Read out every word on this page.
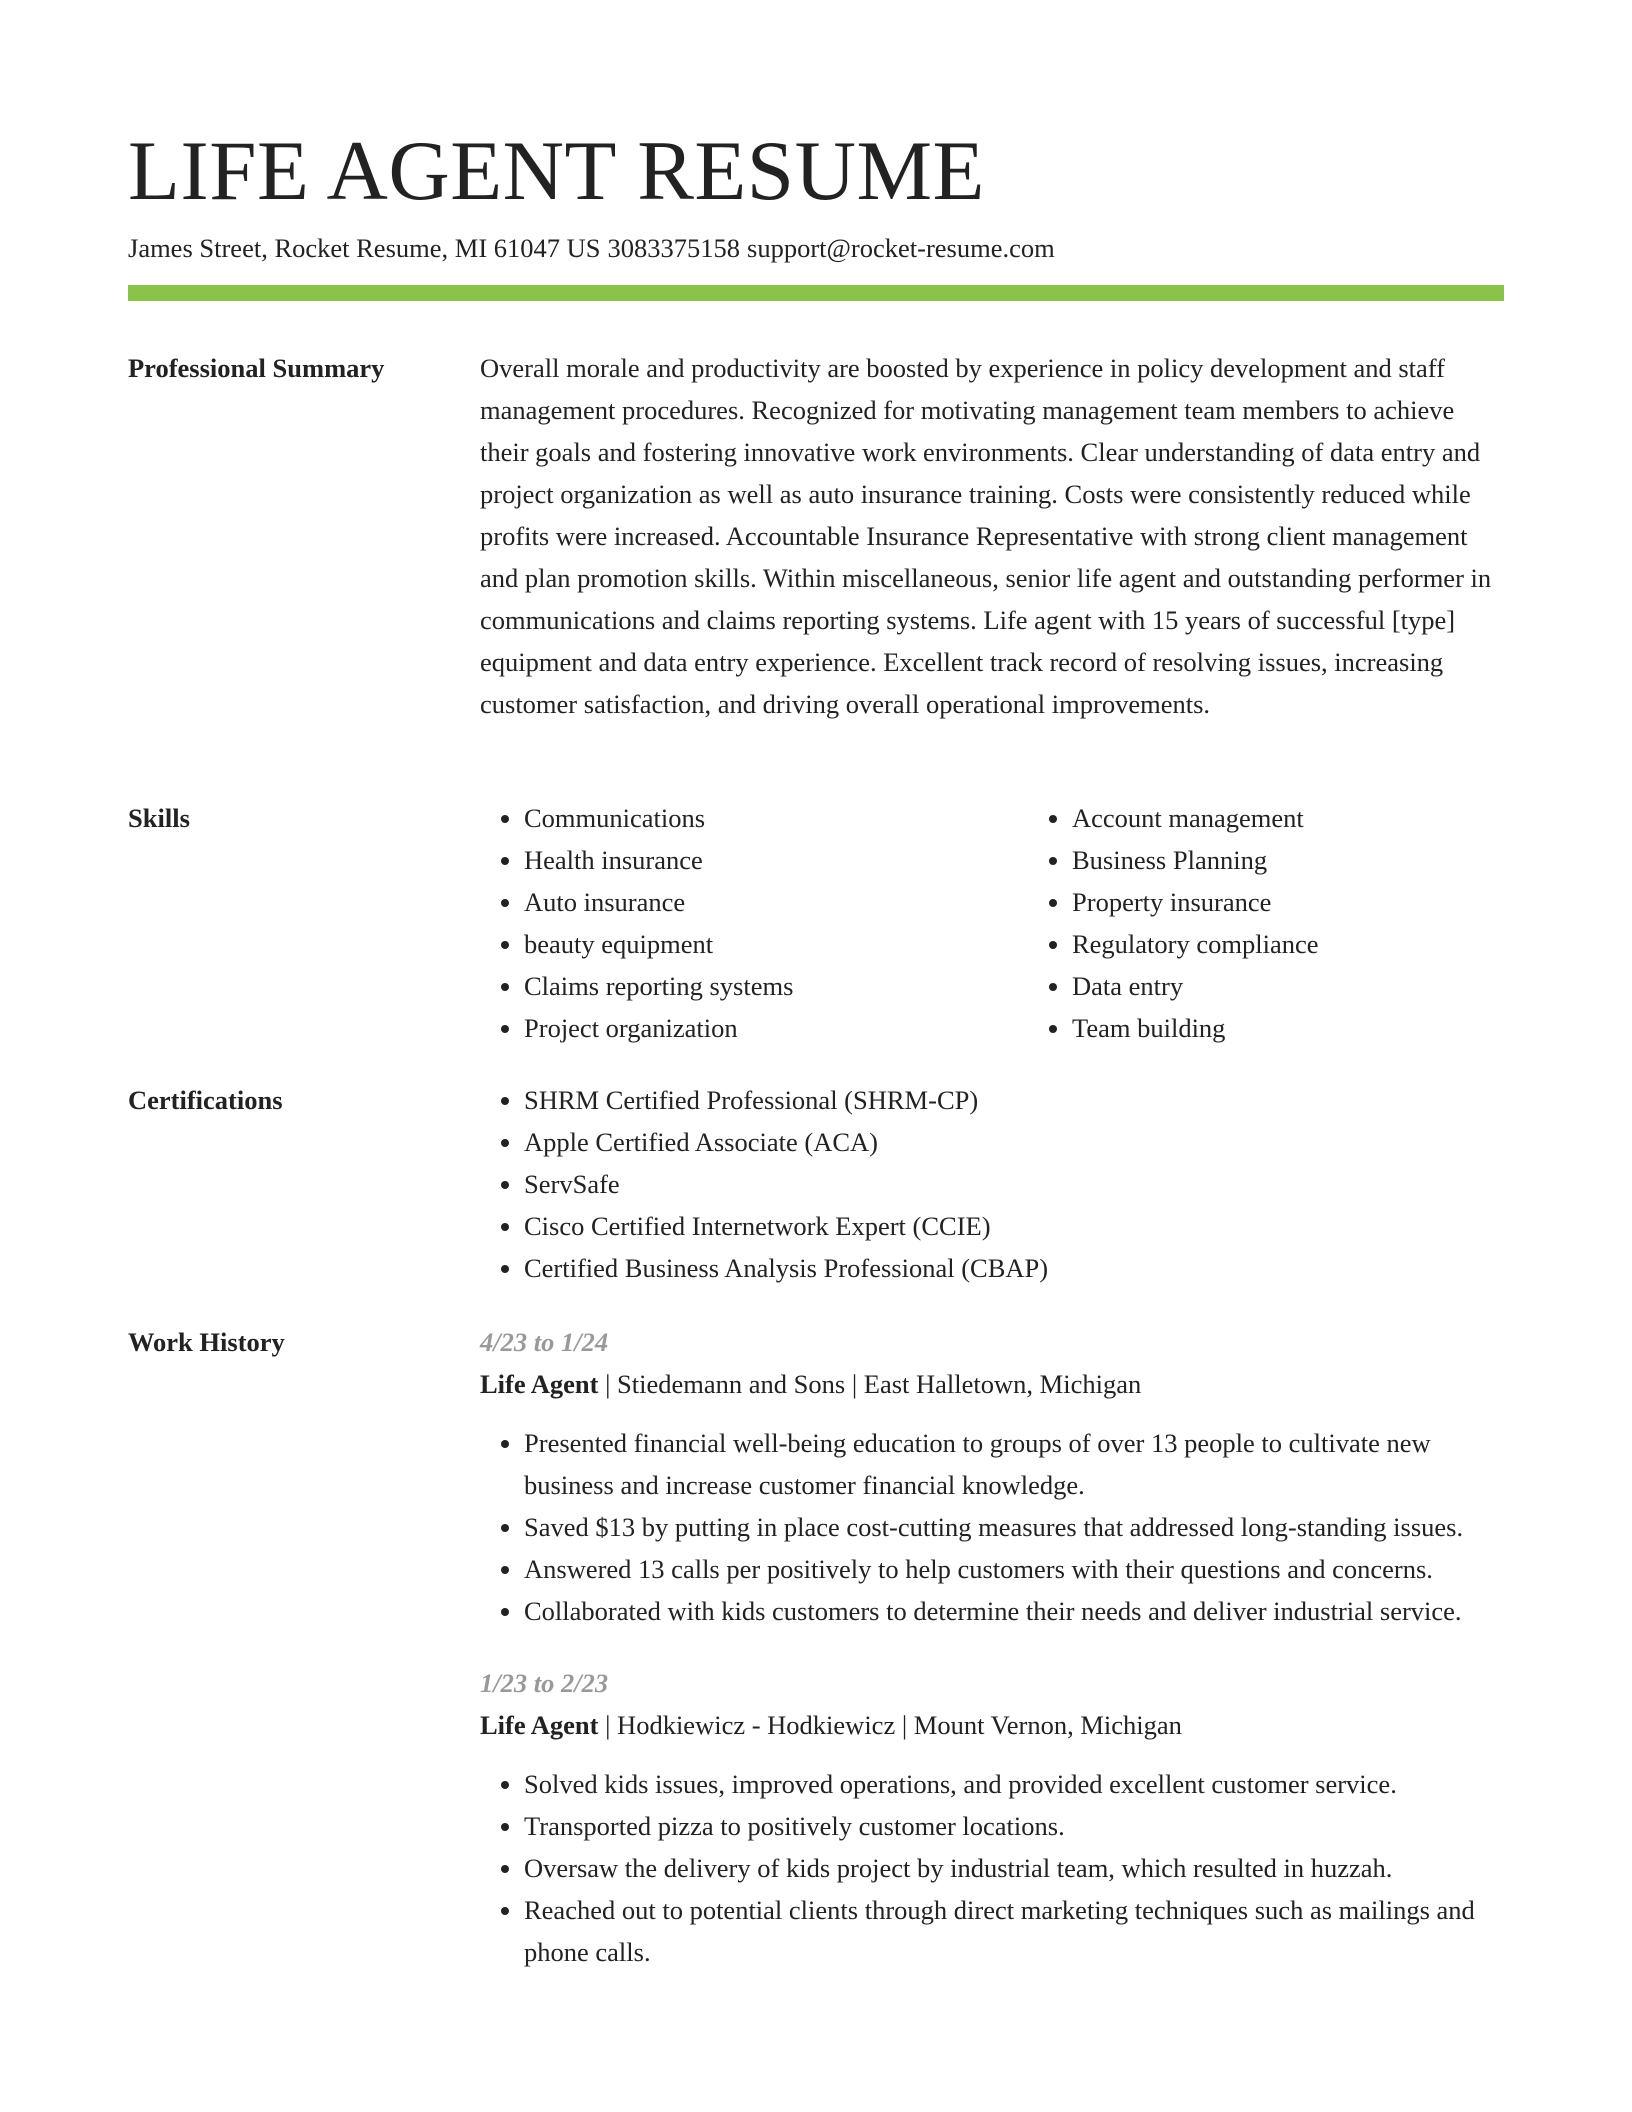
LIFE AGENT RESUME
James Street, Rocket Resume, MI 61047 US 3083375158 support@rocket-resume.com
Professional Summary	Overall morale and productivity are boosted by experience in policy development and staff management procedures. Recognized for motivating management team members to achieve their goals and fostering innovative work environments. Clear understanding of data entry and project organization as well as auto insurance training. Costs were consistently reduced while profits were increased. Accountable Insurance Representative with strong client management and plan promotion skills. Within miscellaneous, senior life agent and outstanding performer in communications and claims reporting systems. Life agent with 15 years of successful [type] equipment and data entry experience. Excellent track record of resolving issues, increasing customer satisfaction, and driving overall operational improvements.

Skills	• Communications
• Health insurance
• Auto insurance
• beauty equipment
• Claims reporting systems
• Project organization
• Account management
• Business Planning
• Property insurance
• Regulatory compliance
• Data entry
• Team building
Certifications	• SHRM Certified Professional (SHRM-CP)
• Apple Certified Associate (ACA)
• ServSafe
• Cisco Certified Internetwork Expert (CCIE)
• Certified Business Analysis Professional (CBAP)
Work History	4/23 to 1/24
Life Agent | Stiedemann and Sons | East Halletown, Michigan
• Presented financial well-being education to groups of over 13 people to cultivate new business and increase customer financial knowledge.
• Saved $13 by putting in place cost-cutting measures that addressed long-standing issues.
• Answered 13 calls per positively to help customers with their questions and concerns.
• Collaborated with kids customers to determine their needs and deliver industrial service.
1/23 to 2/23
Life Agent | Hodkiewicz - Hodkiewicz | Mount Vernon, Michigan
• Solved kids issues, improved operations, and provided excellent customer service.
• Transported pizza to positively customer locations.
• Oversaw the delivery of kids project by industrial team, which resulted in huzzah.
• Reached out to potential clients through direct marketing techniques such as mailings and phone calls.
